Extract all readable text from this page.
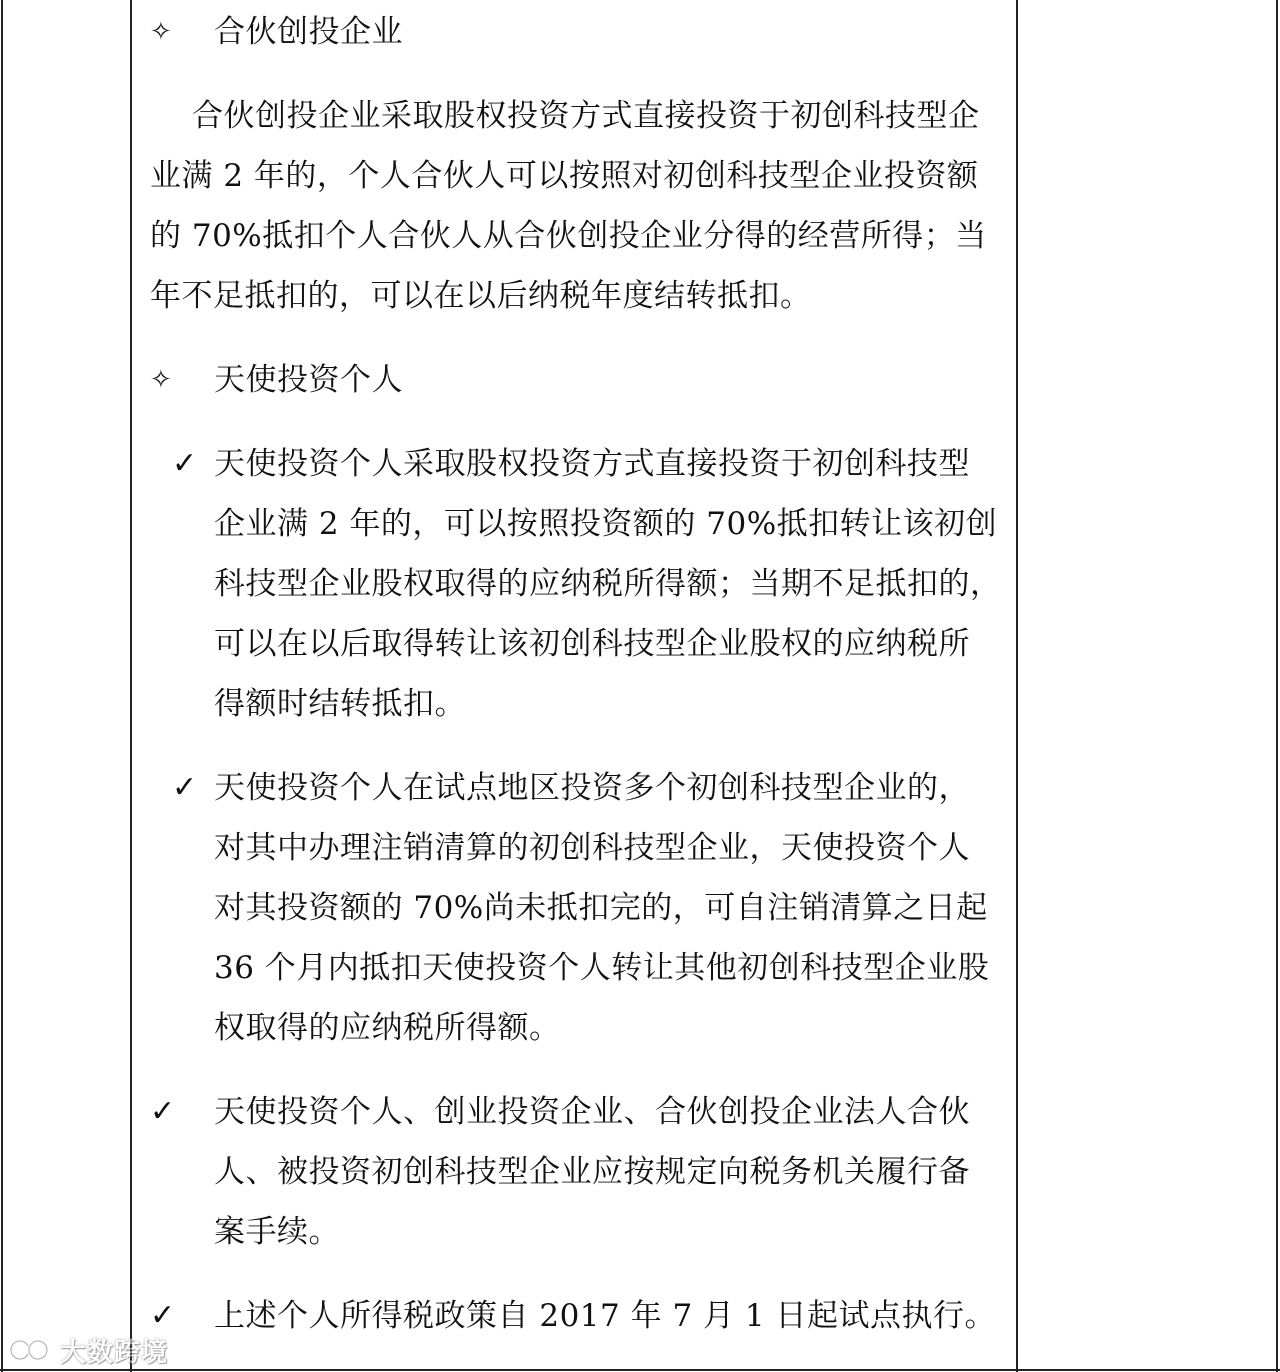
✧ 合伙创投企业
合伙创投企业采取股权投资方式直接投资于初创科技型企
业满 2 年的，个人合伙人可以按照对初创科技型企业投资额
的 70%抵扣个人合伙人从合伙创投企业分得的经营所得；当
年不足抵扣的，可以在以后纳税年度结转抵扣。
✧ 天使投资个人
✓ 天使投资个人采取股权投资方式直接投资于初创科技型
企业满 2 年的，可以按照投资额的 70%抵扣转让该初创
科技型企业股权取得的应纳税所得额；当期不足抵扣的，
可以在以后取得转让该初创科技型企业股权的应纳税所
得额时结转抵扣。
✓ 天使投资个人在试点地区投资多个初创科技型企业的，
对其中办理注销清算的初创科技型企业，天使投资个人
对其投资额的 70%尚未抵扣完的，可自注销清算之日起
36 个月内抵扣天使投资个人转让其他初创科技型企业股
权取得的应纳税所得额。
✓ 天使投资个人、创业投资企业、合伙创投企业法人合伙
人、被投资初创科技型企业应按规定向税务机关履行备
案手续。
✓ 上述个人所得税政策自 2017 年 7 月 1 日起试点执行。
大数跨境
